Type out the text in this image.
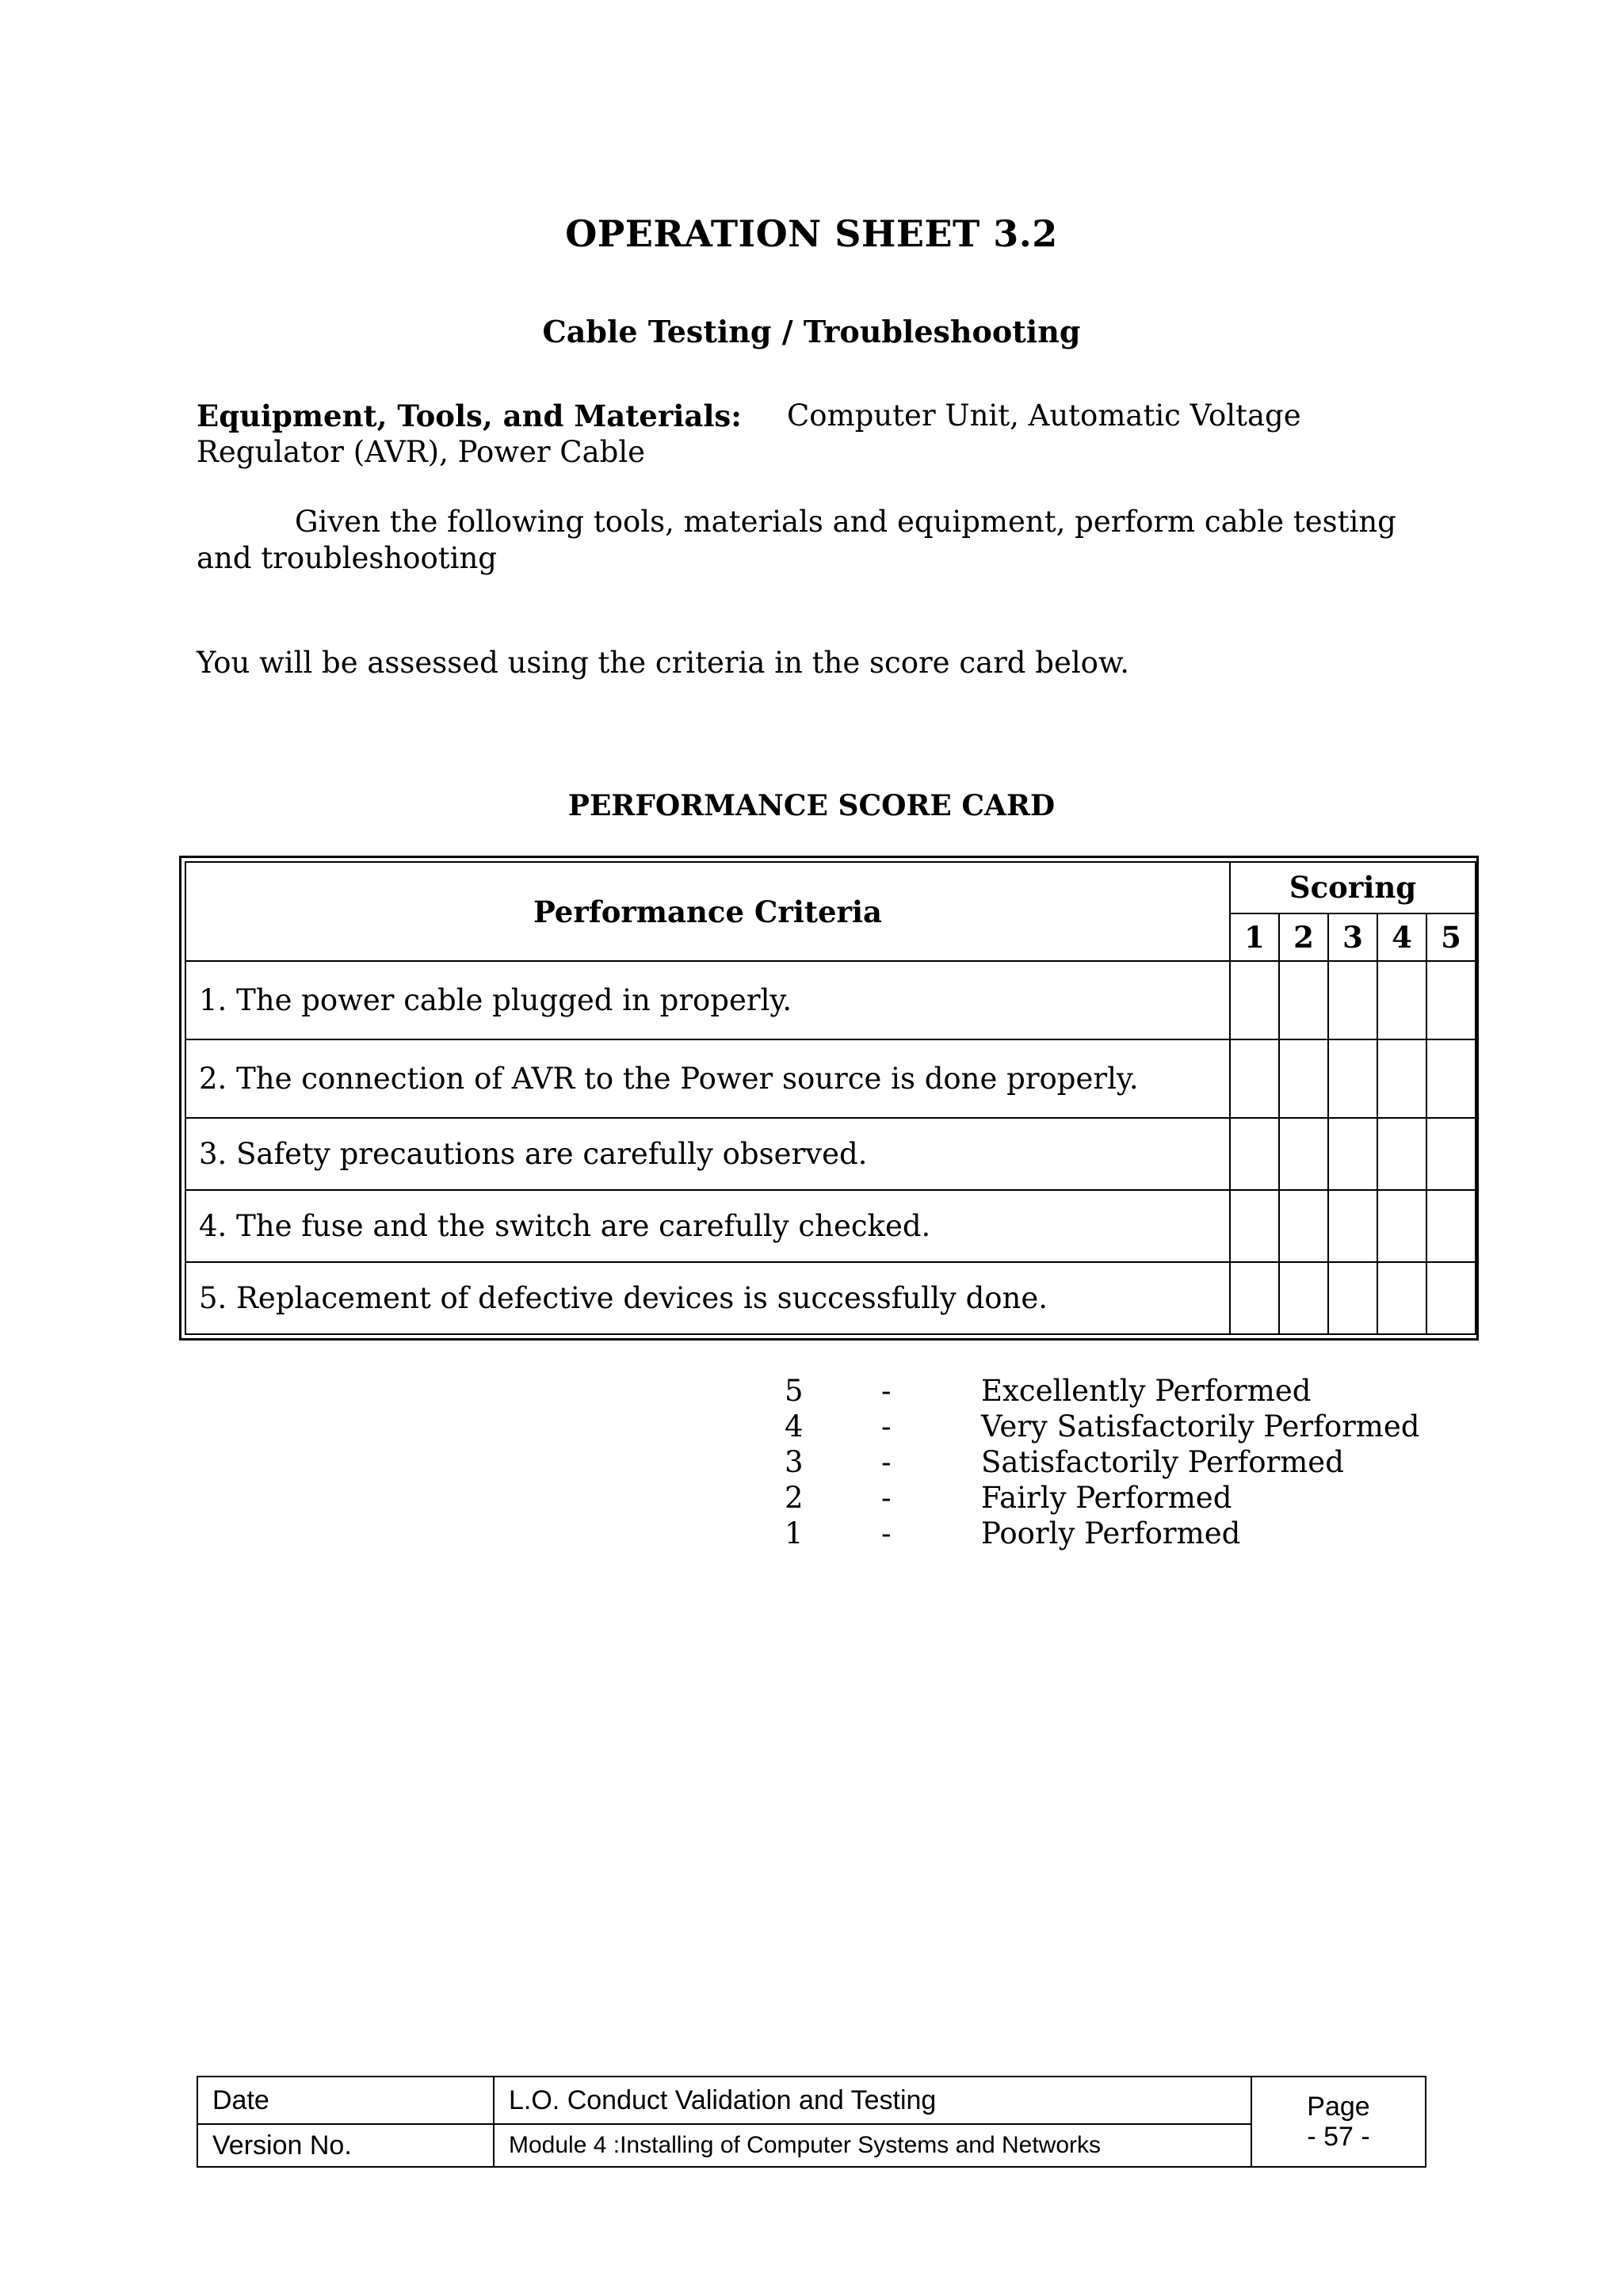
OPERATION SHEET 3.2
Cable Testing / Troubleshooting
Equipment, Tools, and Materials:	Computer Unit, Automatic Voltage
Regulator (AVR), Power Cable
Given the following tools, materials and equipment, perform cable testing
and troubleshooting
You will be assessed using the criteria in the score card below.
PERFORMANCE SCORE CARD
Performance Criteria	Scoring				
	1	2	3	4	5
1. The power cable plugged in properly.					
2. The connection of AVR to the Power source is done properly.					
3. Safety precautions are carefully observed.					
4. The fuse and the switch are carefully checked.					
5. Replacement of defective devices is successfully done.					
5	-	Excellently Performed
4	-	Very Satisfactorily Performed
3	-	Satisfactorily Performed
2	-	Fairly Performed
1	-	Poorly Performed
Date	L.O. Conduct Validation and Testing	Page
- 57 -

Version No.	Module 4 :Installing of Computer Systems and Networks	
